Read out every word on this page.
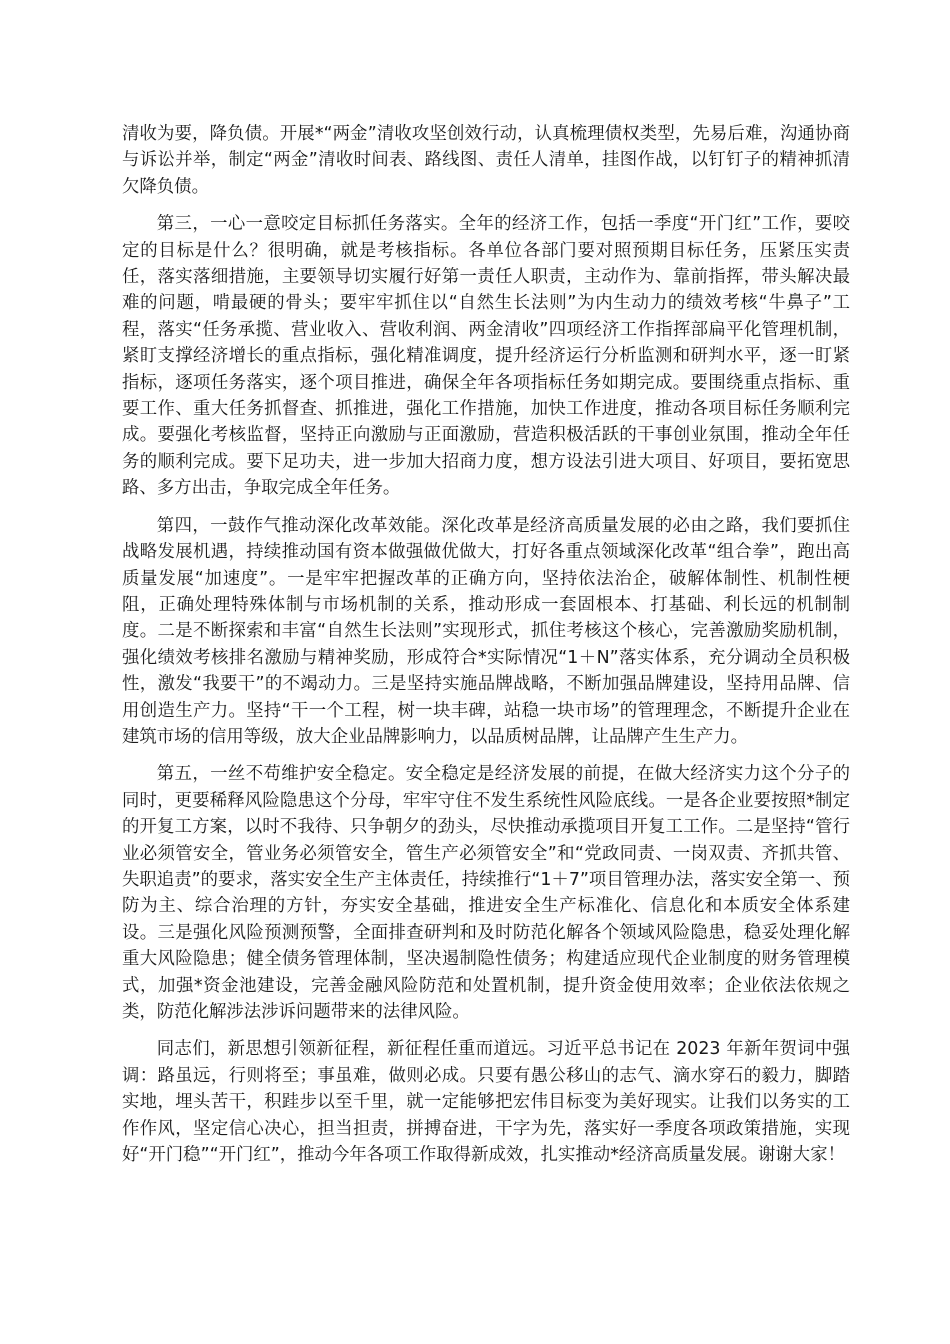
清收为要，降负债。开展*“两金”清收攻坚创效行动，认真梳理债权类型，先易后难，沟通协商与诉讼并举，制定“两金”清收时间表、路线图、责任人清单，挂图作战，以钉钉子的精神抓清欠降负债。

第三，一心一意咬定目标抓任务落实。全年的经济工作，包括一季度“开门红”工作，要咬定的目标是什么？很明确，就是考核指标。各单位各部门要对照预期目标任务，压紧压实责任，落实落细措施，主要领导切实履行好第一责任人职责，主动作为、靠前指挥，带头解决最难的问题，啃最硬的骨头；要牢牢抓住以“自然生长法则”为内生动力的绩效考核“牛鼻子”工程，落实“任务承揽、营业收入、营收利润、两金清收”四项经济工作指挥部扁平化管理机制，紧盯支撑经济增长的重点指标，强化精准调度，提升经济运行分析监测和研判水平，逐一盯紧指标，逐项任务落实，逐个项目推进，确保全年各项指标任务如期完成。要围绕重点指标、重要工作、重大任务抓督查、抓推进，强化工作措施，加快工作进度，推动各项目标任务顺利完成。要强化考核监督，坚持正向激励与正面激励，营造积极活跃的干事创业氛围，推动全年任务的顺利完成。要下足功夫，进一步加大招商力度，想方设法引进大项目、好项目，要拓宽思路、多方出击，争取完成全年任务。

第四，一鼓作气推动深化改革效能。深化改革是经济高质量发展的必由之路，我们要抓住战略发展机遇，持续推动国有资本做强做优做大，打好各重点领域深化改革“组合拳”，跑出高质量发展“加速度”。一是牢牢把握改革的正确方向，坚持依法治企，破解体制性、机制性梗阻，正确处理特殊体制与市场机制的关系，推动形成一套固根本、打基础、利长远的机制制度。二是不断探索和丰富“自然生长法则”实现形式，抓住考核这个核心，完善激励奖励机制，强化绩效考核排名激励与精神奖励，形成符合*实际情况“1＋N”落实体系，充分调动全员积极性，激发“我要干”的不竭动力。三是坚持实施品牌战略，不断加强品牌建设，坚持用品牌、信用创造生产力。坚持“干一个工程，树一块丰碑，站稳一块市场”的管理理念，不断提升企业在建筑市场的信用等级，放大企业品牌影响力，以品质树品牌，让品牌产生生产力。

第五，一丝不苟维护安全稳定。安全稳定是经济发展的前提，在做大经济实力这个分子的同时，更要稀释风险隐患这个分母，牢牢守住不发生系统性风险底线。一是各企业要按照*制定的开复工方案，以时不我待、只争朝夕的劲头，尽快推动承揽项目开复工工作。二是坚持“管行业必须管安全，管业务必须管安全，管生产必须管安全”和“党政同责、一岗双责、齐抓共管、失职追责”的要求，落实安全生产主体责任，持续推行“1＋7”项目管理办法，落实安全第一、预防为主、综合治理的方针，夯实安全基础，推进安全生产标准化、信息化和本质安全体系建设。三是强化风险预测预警，全面排查研判和及时防范化解各个领域风险隐患，稳妥处理化解重大风险隐患；健全债务管理体制，坚决遏制隐性债务；构建适应现代企业制度的财务管理模式，加强*资金池建设，完善金融风险防范和处置机制，提升资金使用效率；企业依法依规之类，防范化解涉法涉诉问题带来的法律风险。

同志们，新思想引领新征程，新征程任重而道远。习近平总书记在 2023 年新年贺词中强调：路虽远，行则将至；事虽难，做则必成。只要有愚公移山的志气、滴水穿石的毅力，脚踏实地，埋头苦干，积跬步以至千里，就一定能够把宏伟目标变为美好现实。让我们以务实的工作作风，坚定信心决心，担当担责，拼搏奋进，干字为先，落实好一季度各项政策措施，实现好“开门稳”“开门红”，推动今年各项工作取得新成效，扎实推动*经济高质量发展。谢谢大家！
